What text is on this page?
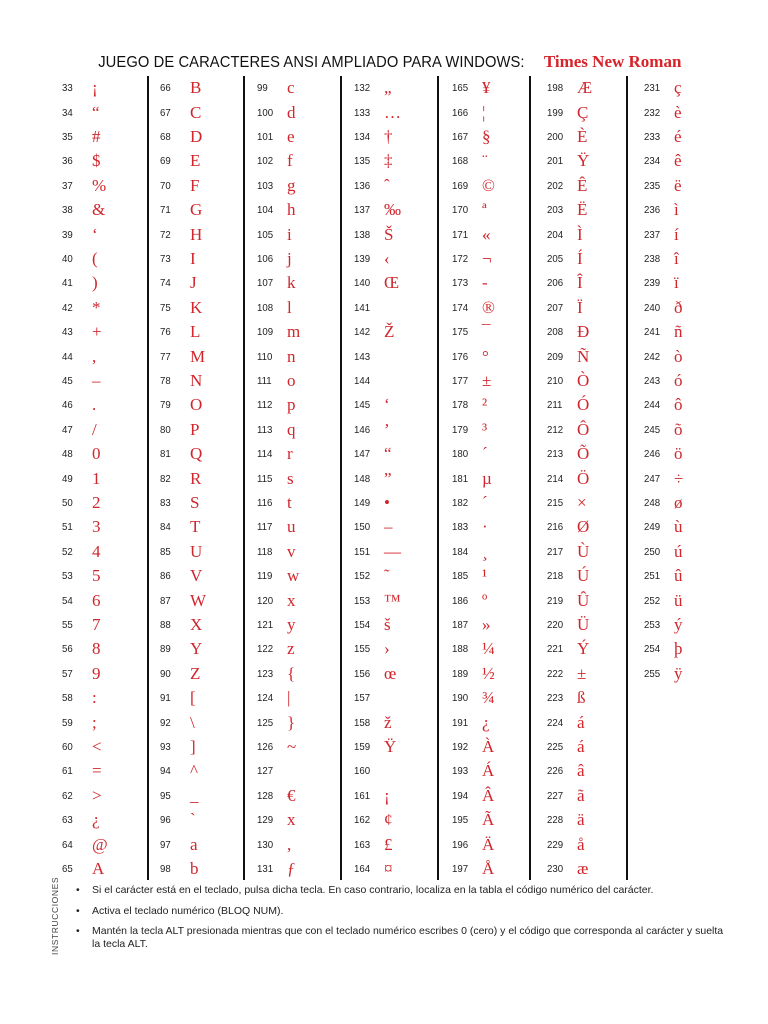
JUEGO DE CARACTERES ANSI AMPLIADO PARA WINDOWS: Times New Roman
33	¡
34	“
35	#
36	$
37	%
38	&
39	‘
40	(
41	)
42	*
43	+
44	,
45	–
46	.
47	/
48	0
49	1
50	2
51	3
52	4
53	5
54	6
55	7
56	8
57	9
58	:
59	;
60	<
61	=
62	>
63	¿
64	@
65	A
66	B
67	C
68	D
69	E
70	F
71	G
72	H
73	I
74	J
75	K
76	L
77	M
78	N
79	O
80	P
81	Q
82	R
83	S
84	T
85	U
86	V
87	W
88	X
89	Y
90	Z
91	[
92	\
93	]
94	^
95	_
96	`
97	a
98	b
99	c
100 d
101 e
102 f
103 g
104 h
105 i
106 j
107 k
108 l
109 m
110 n
111 o
112 p
113 q
114 r
115 s
116 t
117 u
118 v
119 w
120 x
121 y
122 z
123 {
124 |
125 }
126 ~
127
128 €
129 x
130 ,
131 ƒ
132 „
133 …
134 †
135 ‡
136 ˆ
137 ‰
138 Š
139 ‹
140 Œ
141
142 Ž
143
144
145 ‘
146 ’
147 “
148 ”
149 •
150 –
151 —
152 ˜
153 ™
154 š
155 ›
156 œ
157
158 ž
159 Ÿ
160
161 ¡
162 ¢
163 £
164 ¤
165 ¥
166 ¦
167 §
168 ¨
169 ©
170 ª
171 «
172 ¬
173 -
174 ®
175 ¯
176 °
177 ±
178 ²
179 ³
180 ´
181 µ
182 ´
183 ·
184 ¸
185 ¹
186 º
187 »
188 ¼
189 ½
190 ¾
191 ¿
192 À
193 Á
194 Â
195 Ã
196 Ä
197 Å
198 Æ
199 Ç
200 È
201 Ÿ
202 Ê
203 Ë
204 Ì
205 Í
206 Î
207 Ï
208 Đ
209 Ñ
210 Ò
211 Ó
212 Ô
213 Õ
214 Ö
215 ×
216 Ø
217 Ù
218 Ú
219 Û
220 Ü
221 Ý
222 ±
223 ß
224 á
225 á
226 â
227 ã
228 ä
229 å
230 æ
231 ç
232 è
233 é
234 ê
235 ë
236 ì
237 í
238 î
239 ï
240 ð
241 ñ
242 ò
243 ó
244 ô
245 õ
246 ö
247 ÷
248 ø
249 ù
250 ú
251 û
252 ü
253 ý
254 þ
255 ÿ
INSTRUCCIONES • Si el carácter está en el teclado, pulsa dicha tecla. En caso contrario, localiza en la tabla el código numérico del carácter.
• Activa el teclado numérico (BLOQ NUM).
• Mantén la tecla ALT presionada mientras que con el teclado numérico escribes 0 (cero) y el código que corresponda al carácter y suelta la tecla ALT.
